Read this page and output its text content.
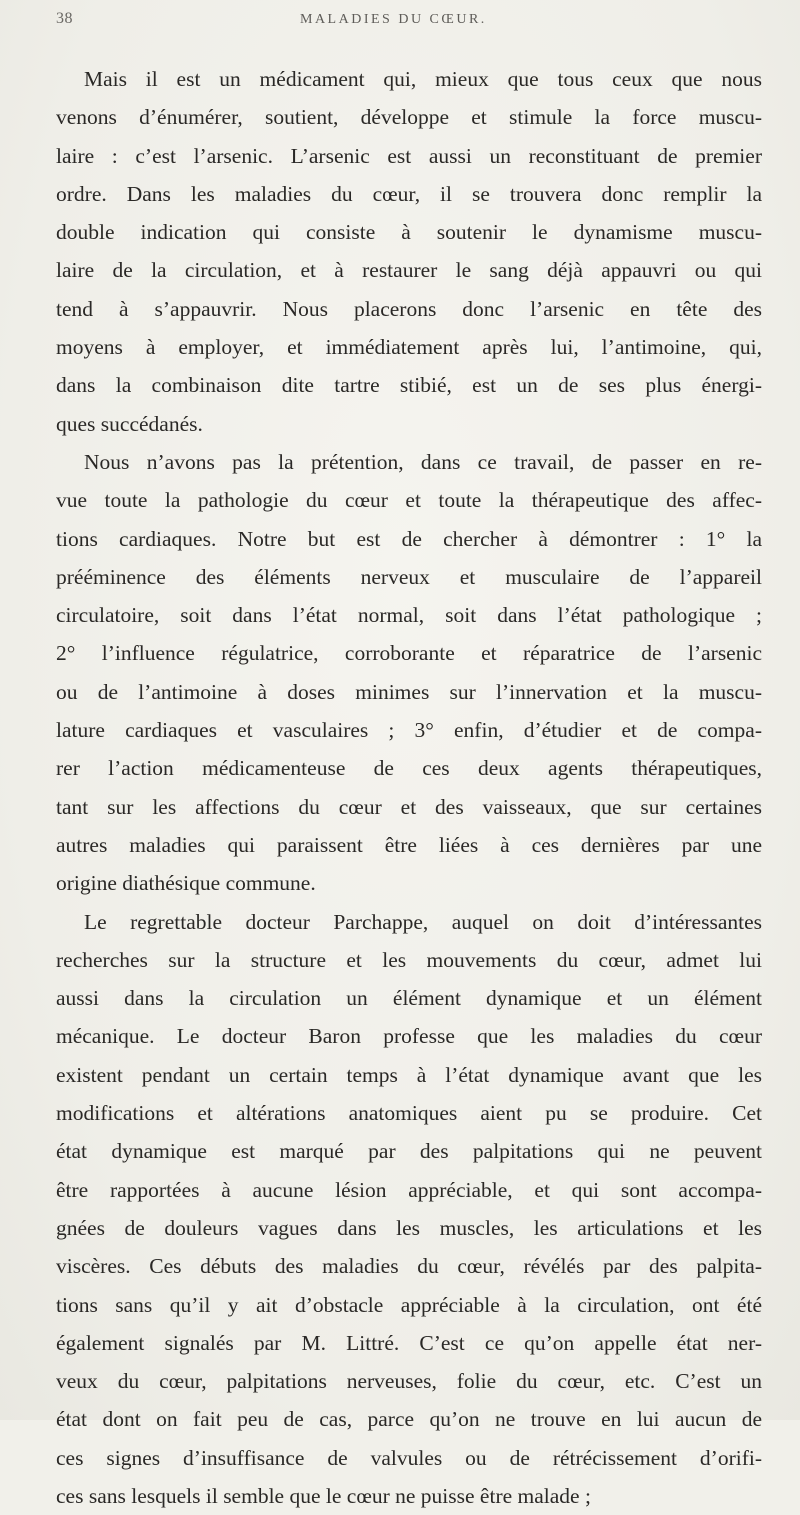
38	MALADIES DU CŒUR.
Mais il est un médicament qui, mieux que tous ceux que nous
venons d’énumérer, soutient, développe et stimule la force muscu-
laire : c’est l’arsenic. L’arsenic est aussi un reconstituant de premier
ordre. Dans les maladies du cœur, il se trouvera donc remplir la
double indication qui consiste à soutenir le dynamisme muscu-
laire de la circulation, et à restaurer le sang déjà appauvri ou qui
tend à s’appauvrir. Nous placerons donc l’arsenic en tête des
moyens à employer, et immédiatement après lui, l’antimoine, qui,
dans la combinaison dite tartre stibié, est un de ses plus énergi-
ques succédanés.
Nous n’avons pas la prétention, dans ce travail, de passer en re-
vue toute la pathologie du cœur et toute la thérapeutique des affec-
tions cardiaques. Notre but est de chercher à démontrer : 1° la
prééminence des éléments nerveux et musculaire de l’appareil
circulatoire, soit dans l’état normal, soit dans l’état pathologique ;
2° l’influence régulatrice, corroborante et réparatrice de l’arsenic
ou de l’antimoine à doses minimes sur l’innervation et la muscu-
lature cardiaques et vasculaires ; 3° enfin, d’étudier et de compa-
rer l’action médicamenteuse de ces deux agents thérapeutiques,
tant sur les affections du cœur et des vaisseaux, que sur certaines
autres maladies qui paraissent être liées à ces dernières par une
origine diathésique commune.
Le regrettable docteur Parchappe, auquel on doit d’intéressantes
recherches sur la structure et les mouvements du cœur, admet lui
aussi dans la circulation un élément dynamique et un élément
mécanique. Le docteur Baron professe que les maladies du cœur
existent pendant un certain temps à l’état dynamique avant que les
modifications et altérations anatomiques aient pu se produire. Cet
état dynamique est marqué par des palpitations qui ne peuvent
être rapportées à aucune lésion appréciable, et qui sont accompa-
gnées de douleurs vagues dans les muscles, les articulations et les
viscères. Ces débuts des maladies du cœur, révélés par des palpita-
tions sans qu’il y ait d’obstacle appréciable à la circulation, ont été
également signalés par M. Littré. C’est ce qu’on appelle état ner-
veux du cœur, palpitations nerveuses, folie du cœur, etc. C’est un
état dont on fait peu de cas, parce qu’on ne trouve en lui aucun de
ces signes d’insuffisance de valvules ou de rétrécissement d’orifi-
ces sans lesquels il semble que le cœur ne puisse être malade ;
